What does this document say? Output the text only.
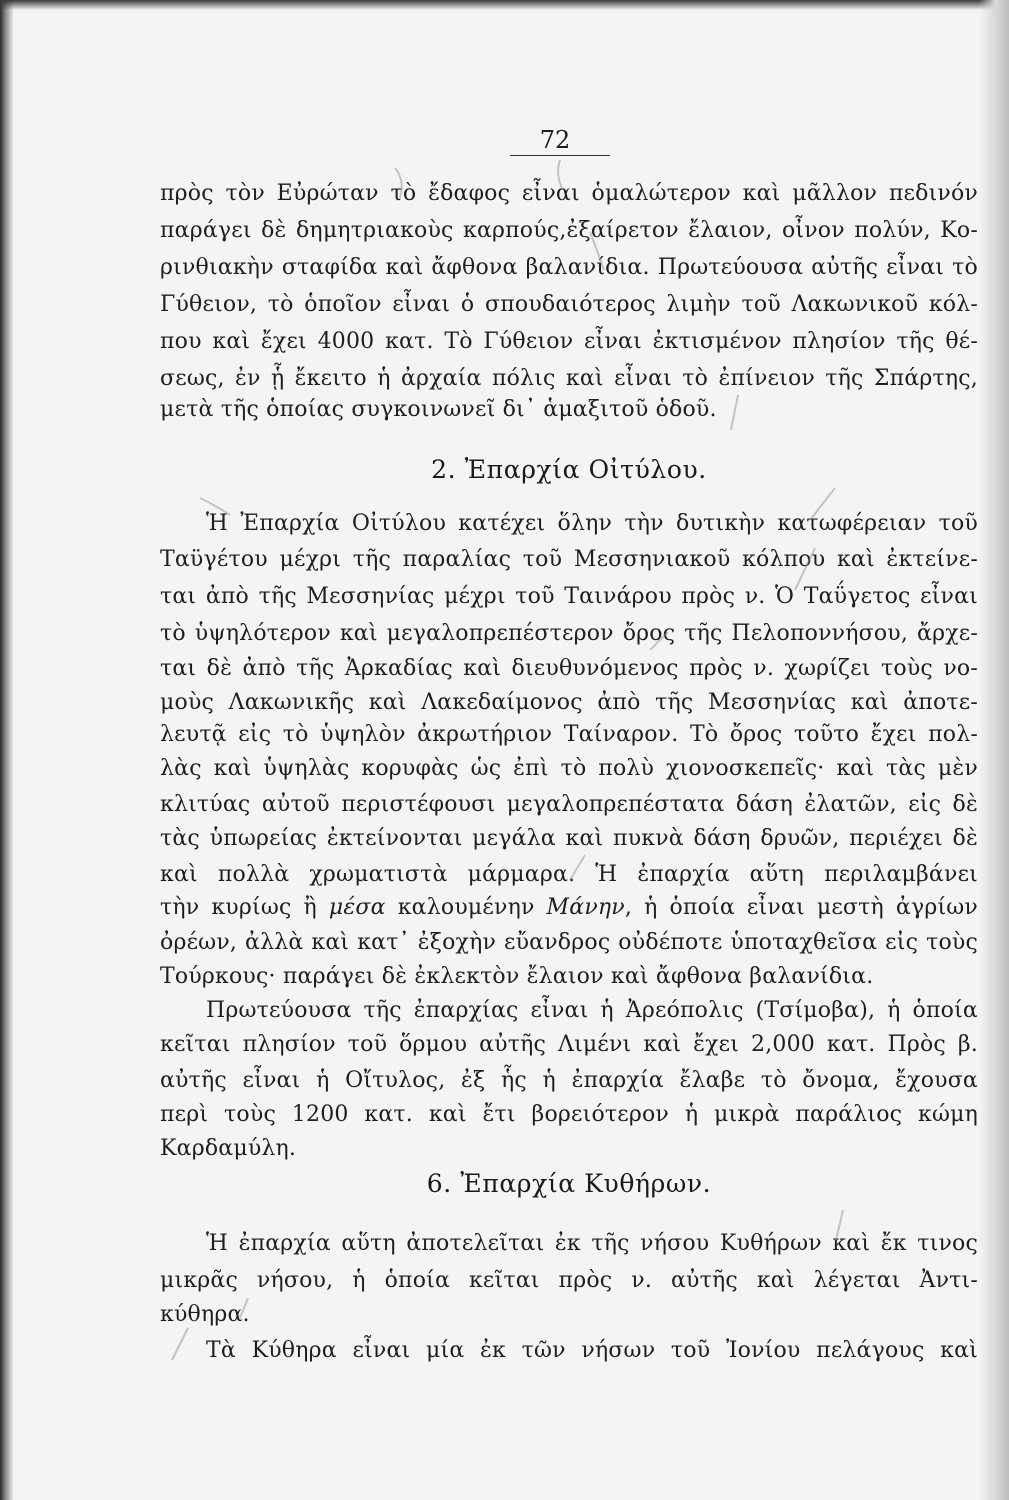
72
πρὸς τὸν Εὐρώταν τὸ ἔδαφος εἶναι ὁμαλώτερον καὶ μᾶλλον πεδινόν
παράγει δὲ δημητριακοὺς καρπούς,ἐξαίρετον ἔλαιον, οἶνον πολύν, Κο-
ρινθιακὴν σταφίδα καὶ ἄφθονα βαλανίδια. Πρωτεύουσα αὐτῆς εἶναι τὸ
Γύθειον, τὸ ὁποῖον εἶναι ὁ σπουδαιότερος λιμὴν τοῦ Λακωνικοῦ κόλ-
που καὶ ἔχει 4000 κατ. Τὸ Γύθειον εἶναι ἐκτισμένον πλησίον τῆς θέ-
σεως, ἐν ᾗ ἔκειτο ἡ ἀρχαία πόλις καὶ εἶναι τὸ ἐπίνειον τῆς Σπάρτης,
μετὰ τῆς ὁποίας συγκοινωνεῖ δι᾿ ἁμαξιτοῦ ὁδοῦ.
2. Ἐπαρχία Οἰτύλου.
Ἡ Ἐπαρχία Οἰτύλου κατέχει ὅλην τὴν δυτικὴν κατωφέρειαν τοῦ
Ταϋγέτου μέχρι τῆς παραλίας τοῦ Μεσσηνιακοῦ κόλπου καὶ ἐκτείνε-
ται ἀπὸ τῆς Μεσσηνίας μέχρι τοῦ Ταινάρου πρὸς ν. Ὁ Ταΰγετος εἶναι
τὸ ὑψηλότερον καὶ μεγαλοπρεπέστερον ὄρος τῆς Πελοποννήσου, ἄρχε-
ται δὲ ἀπὸ τῆς Ἀρκαδίας καὶ διευθυνόμενος πρὸς ν. χωρίζει τοὺς νο-
μοὺς Λακωνικῆς καὶ Λακεδαίμονος ἀπὸ τῆς Μεσσηνίας καὶ ἀποτε-
λευτᾷ εἰς τὸ ὑψηλὸν ἀκρωτήριον Ταίναρον. Τὸ ὄρος τοῦτο ἔχει πολ-
λὰς καὶ ὑψηλὰς κορυφὰς ὡς ἐπὶ τὸ πολὺ χιονοσκεπεῖς· καὶ τὰς μὲν
κλιτύας αὐτοῦ περιστέφουσι μεγαλοπρεπέστατα δάση ἐλατῶν, εἰς δὲ
τὰς ὑπωρείας ἐκτείνονται μεγάλα καὶ πυκνὰ δάση δρυῶν, περιέχει δὲ
καὶ πολλὰ χρωματιστὰ μάρμαρα. Ἡ ἐπαρχία αὕτη περιλαμβάνει
τὴν κυρίως ἢ μέσα καλουμένην Μάνην, ἡ ὁποία εἶναι μεστὴ ἀγρίων
ὀρέων, ἀλλὰ καὶ κατ᾿ ἐξοχὴν εὔανδρος οὐδέποτε ὑποταχθεῖσα εἰς τοὺς
Τούρκους· παράγει δὲ ἐκλεκτὸν ἔλαιον καὶ ἄφθονα βαλανίδια.
Πρωτεύουσα τῆς ἐπαρχίας εἶναι ἡ Ἀρεόπολις (Τσίμοβα), ἡ ὁποία
κεῖται πλησίον τοῦ ὅρμου αὐτῆς Λιμένι καὶ ἔχει 2,000 κατ. Πρὸς β.
αὐτῆς εἶναι ἡ Οἴτυλος, ἐξ ἧς ἡ ἐπαρχία ἔλαβε τὸ ὄνομα, ἔχουσα
περὶ τοὺς 1200 κατ. καὶ ἔτι βορειότερον ἡ μικρὰ παράλιος κώμη
Καρδαμύλη.
6. Ἐπαρχία Κυθήρων.
Ἡ ἐπαρχία αὕτη ἀποτελεῖται ἐκ τῆς νήσου Κυθήρων καὶ ἔκ τινος
μικρᾶς νήσου, ἡ ὁποία κεῖται πρὸς ν. αὐτῆς καὶ λέγεται Ἀντι-
κύθηρα.
Τὰ Κύθηρα εἶναι μία ἐκ τῶν νήσων τοῦ Ἰονίου πελάγους καὶ
